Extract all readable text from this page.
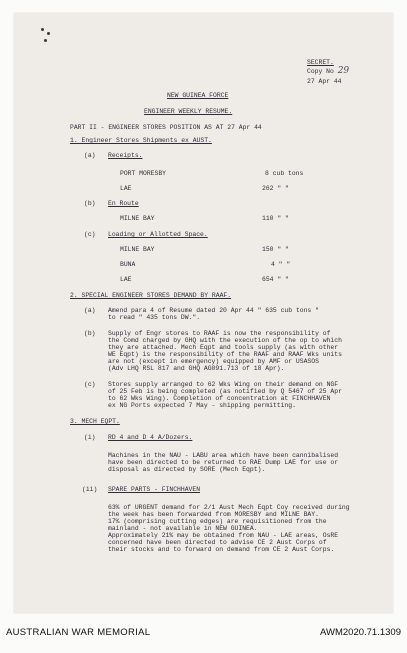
SECRET.
Copy No 29
27 Apr 44
NEW GUINEA FORCE
ENGINEER WEEKLY RESUME.
PART II - ENGINEER STORES POSITION AS AT 27 Apr 44
1. Engineer Stores Shipments ex AUST.
(a) Receipts.
PORT MORESBY	8 cub tons
LAE	262 " "
(b) En Route
MILNE BAY	110 " "
(c) Loading or Allotted Space.
MILNE BAY	150 " "
BUNA	4 " "
LAE	654 " "
2. SPECIAL ENGINEER STORES DEMAND BY RAAF.
(a) Amend para 4 of Resume dated 20 Apr 44 " 635 cub tons "
to read " 435 tons DW.".
(b) Supply of Engr stores to RAAF is now the responsibility of
the Comd charged by GHQ with the execution of the op to which
they are attached. Mech Eqpt and tools supply (as with other
WE Eqpt) is the responsibility of the RAAF and RAAF Wks units
are not (except in emergency) equipped by AMF or USASOS
(Adv LHQ RSL 817 and GHQ AG091.713 of 18 Apr).
(c) Stores supply arranged to 62 Wks Wing on their demand on NGF
of 25 Feb is being completed (as notified by Q 5467 of 25 Apr
to 62 Wks Wing). Completion of concentration at FINCHHAVEN
ex NG Ports expected 7 May - shipping permitting.
3. MECH EQPT.
(i) RD 4 and D 4 A/Dozers.
Machines in the NAU - LABU area which have been cannibalised
have been directed to be returned to RAE Dump LAE for use or
disposal as directed by SORE (Mech Eqpt).
(ii) SPARE PARTS - FINCHHAVEN
63% of URGENT demand for 2/1 Aust Mech Eqpt Coy received during
the week has been forwarded from MORESBY and MILNE BAY.
17% (comprising cutting edges) are requisitioned from the
mainland - not available in NEW GUINEA.
Approximately 21% may be obtained from NAU - LAE areas, OsRE
concerned have been directed to advise CE 2 Aust Corps of
their stocks and to forward on demand from CE 2 Aust Corps.
AUSTRALIAN WAR MEMORIAL	AWM2020.71.1309
